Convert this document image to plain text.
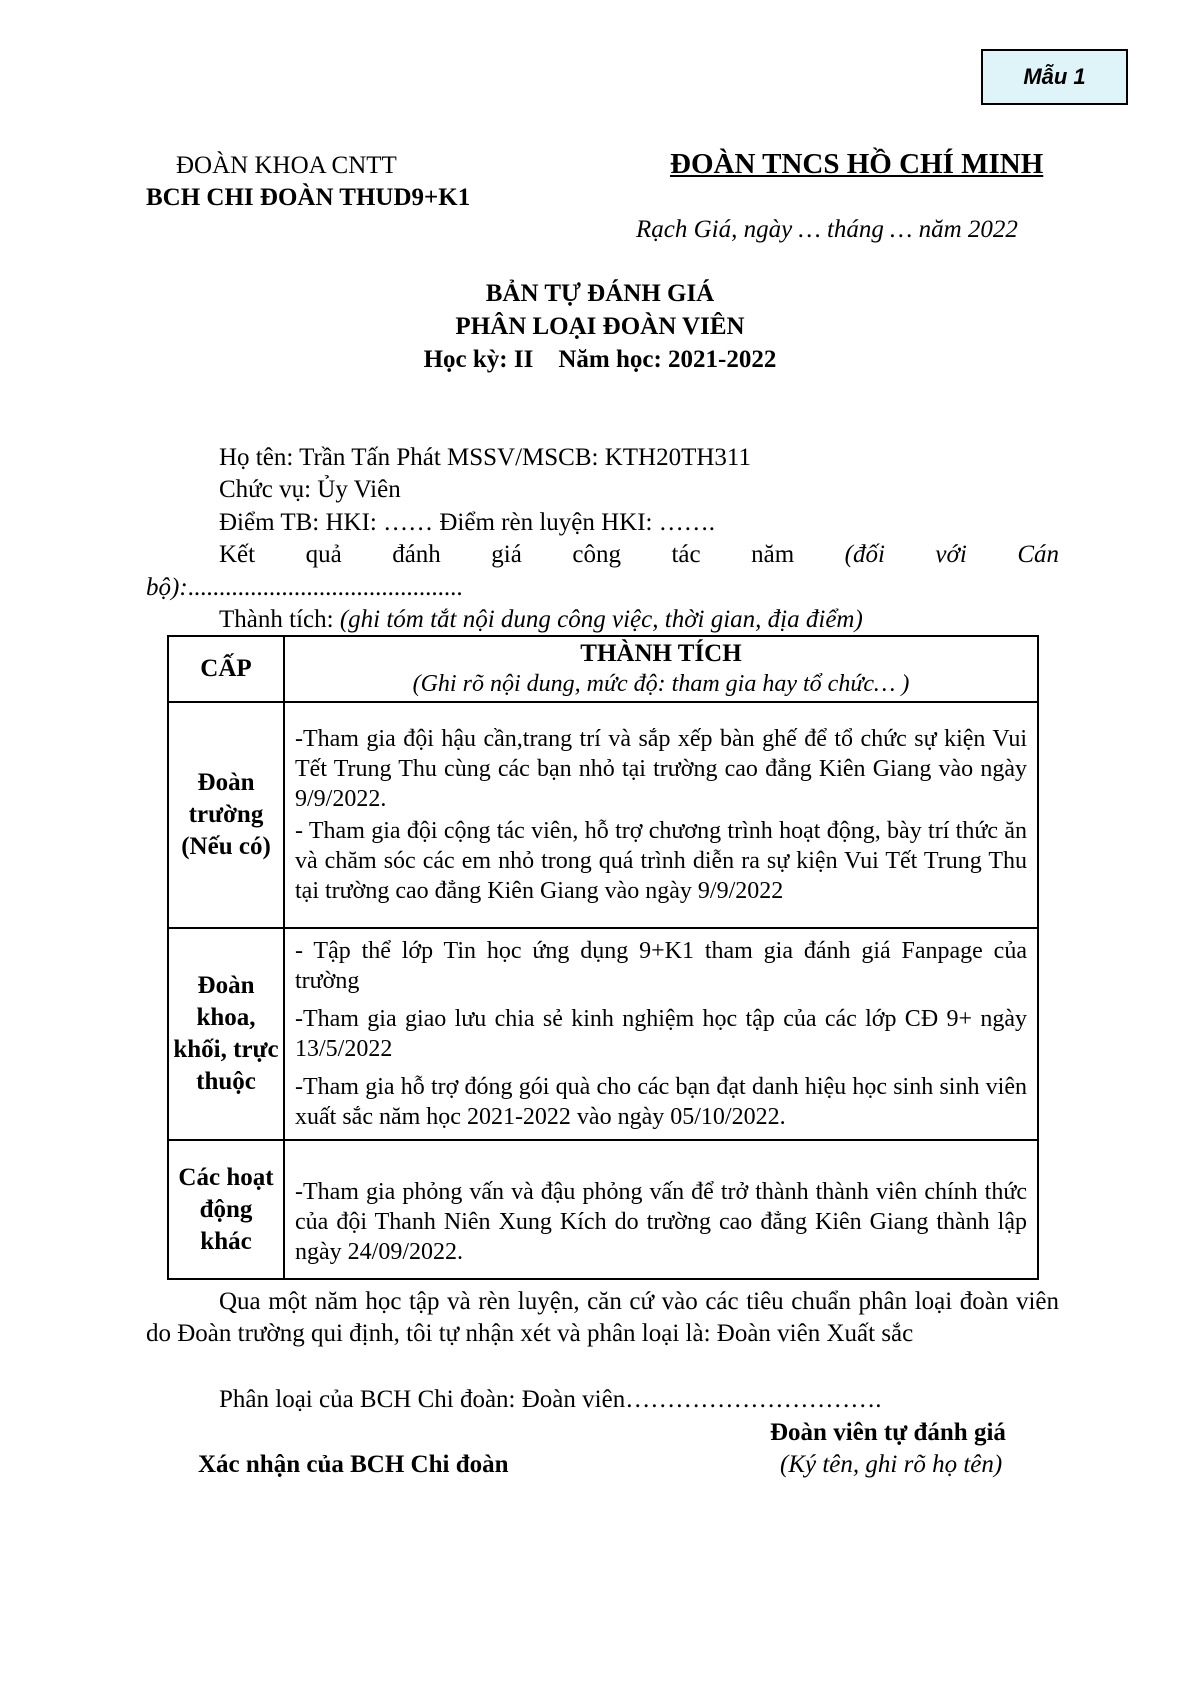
Mẫu 1
ĐOÀN KHOA CNTT
BCH CHI ĐOÀN THUD9+K1
ĐOÀN TNCS HỒ CHÍ MINH
Rạch Giá, ngày … tháng … năm 2022
BẢN TỰ ĐÁNH GIÁ
PHÂN LOẠI ĐOÀN VIÊN
Học kỳ: II    Năm học: 2021-2022
Họ tên: Trần Tấn Phát MSSV/MSCB: KTH20TH311
Chức vụ: Ủy Viên
Điểm TB: HKI: …… Điểm rèn luyện HKI: …….
Kết quả đánh giá công tác năm (đối với Cán
bộ):............................................
Thành tích: (ghi tóm tắt nội dung công việc, thời gian, địa điểm)
CẤP	THÀNH TÍCH
(Ghi rõ nội dung, mức độ: tham gia hay tổ chức… )

Đoàn trường (Nếu có)	-Tham gia đội hậu cần,trang trí và sắp xếp bàn ghế để tổ chức sự kiện Vui Tết Trung Thu cùng các bạn nhỏ tại trường cao đẳng Kiên Giang vào ngày 9/9/2022.

- Tham gia đội cộng tác viên, hỗ trợ chương trình hoạt động, bày trí thức ăn và chăm sóc các em nhỏ trong quá trình diễn ra sự kiện Vui Tết Trung Thu tại trường cao đẳng Kiên Giang vào ngày 9/9/2022

Đoàn khoa, khối, trực thuộc	- Tập thể lớp Tin học ứng dụng 9+K1 tham gia đánh giá Fanpage của trường

-Tham gia giao lưu chia sẻ kinh nghiệm học tập của các lớp CĐ 9+ ngày 13/5/2022

-Tham gia hỗ trợ đóng gói quà cho các bạn đạt danh hiệu học sinh sinh viên xuất sắc năm học 2021-2022 vào ngày 05/10/2022.

Các hoạt động khác	-Tham gia phỏng vấn và đậu phỏng vấn để trở thành thành viên chính thức của đội Thanh Niên Xung Kích do trường cao đẳng Kiên Giang thành lập ngày 24/09/2022.

Qua một năm học tập và rèn luyện, căn cứ vào các tiêu chuẩn phân loại đoàn viên do Đoàn trường qui định, tôi tự nhận xét và phân loại là: Đoàn viên Xuất sắc
Phân loại của BCH Chi đoàn: Đoàn viên………………………….
Đoàn viên tự đánh giá
(Ký tên, ghi rõ họ tên)
Xác nhận của BCH Chi đoàn
